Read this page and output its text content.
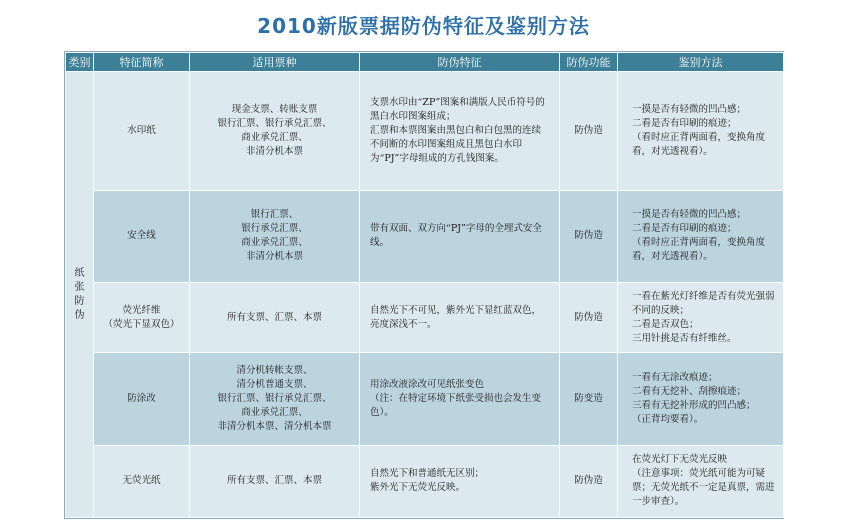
2010新版票据防伪特征及鉴别方法
类别	特征简称	适用票种	防伪特征	防伪功能	鉴别方法
纸
张
防
伪	水印纸	现金支票、转账支票
银行汇票、银行承兑汇票、
商业承兑汇票、
非清分机本票	支票水印由“ZP”图案和满版人民币符号的黑白水印图案组成；
汇票和本票图案由黑包白和白包黑的连续不间断的水印图案组成且黑包白水印为“PJ”字母组成的方孔钱图案。	防伪造	一摸是否有轻微的凹凸感；
二看是否有印刷的痕迹；
（看时应正背两面看，变换角度看，对光透视看）。
	安全线	银行汇票、
银行承兑汇票、
商业承兑汇票、
非清分机本票	带有双面、双方向“PJ”字母的全埋式安全线。	防伪造	一摸是否有轻微的凹凸感；
二看是否有印刷的痕迹；
（看时应正背两面看，变换角度看，对光透视看）。
	荧光纤维
（荧光下显双色）	所有支票、汇票、本票	自然光下不可见，紫外光下显红蓝双色，亮度深浅不一。	防伪造	一看在紫光灯纤维是否有荧光强弱不同的反映；
二看是否双色；
三用针挑是否有纤维丝。
	防涂改	清分机转帐支票、
清分机普通支票、
银行汇票、银行承兑汇票、
商业承兑汇票、
非清分机本票、清分机本票	用涂改液涂改可见纸张变色
（注：在特定环境下纸张受损也会发生变色）。	防变造	一看有无涂改痕迹；
二看有无挖补、刮擦痕迹；
三看有无挖补形成的凹凸感；
（正背均要看）。
	无荧光纸	所有支票、汇票、本票	自然光下和普通纸无区别；
紫外光下无荧光反映。	防伪造	在荧光灯下无荧光反映
（注意事项：荧光纸可能为可疑票；无荧光纸不一定是真票，需进一步审查）。
